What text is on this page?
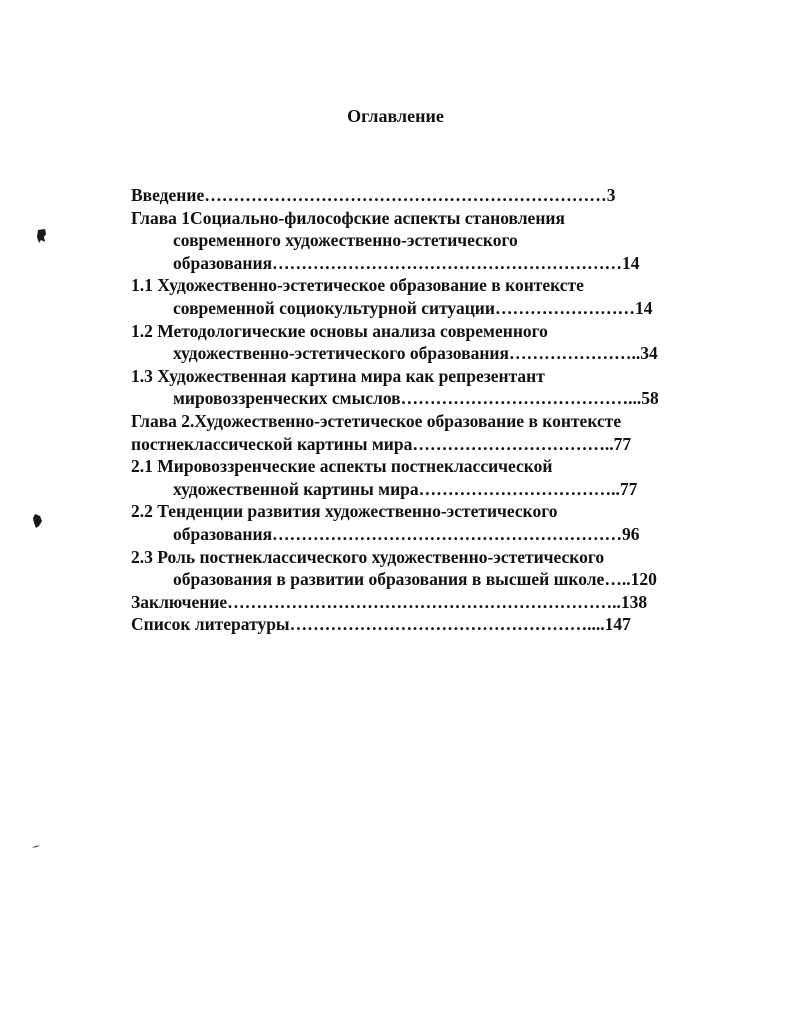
Оглавление
Введение……………………………………………………………3
Глава 1Социально-философские аспекты становления
современного художественно-эстетического
образования……………………………………………………14
1.1 Художественно-эстетическое образование в контексте
современной социокультурной ситуации……………………14
1.2 Методологические основы анализа современного
художественно-эстетического образования…………………..34
1.3 Художественная картина мира как репрезентант
мировоззренческих смыслов…………………………………...58
Глава 2.Художественно-эстетическое образование в контексте
постнеклассической картины мира……………………………..77
2.1 Мировоззренческие аспекты постнеклассической
художественной картины мира……………………………..77
2.2 Тенденции развития художественно-эстетического
образования……………………………………………………96
2.3 Роль постнеклассического художественно-эстетического
образования в развитии образования в высшей школе…..120
Заключение…………………………………………………………..138
Список литературы……………………………………………....147
